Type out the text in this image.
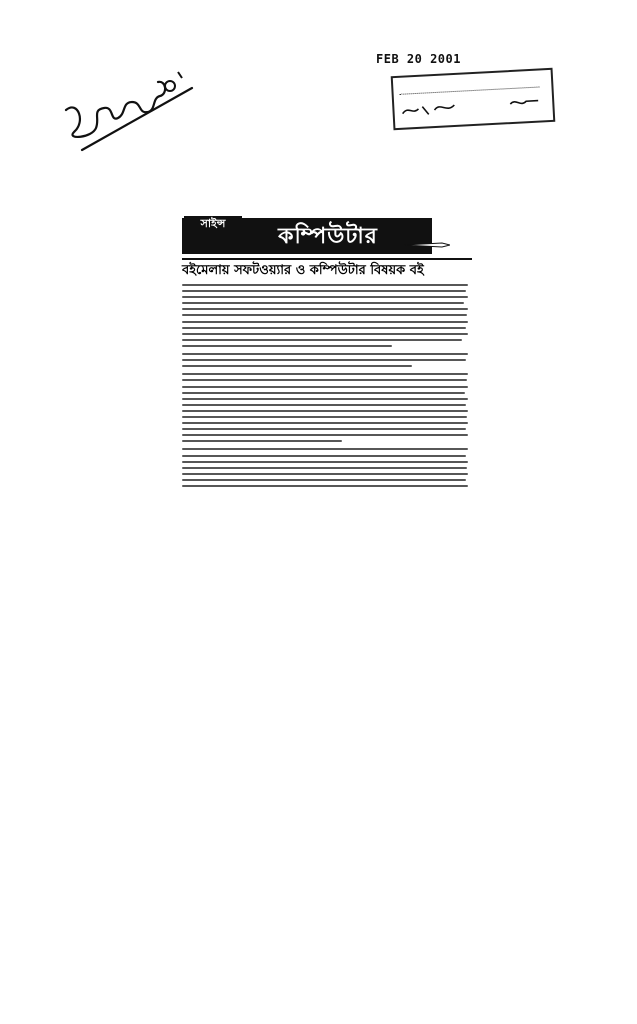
FEB 20 2001
সাইন্স	কম্পিউটার
বইমেলায় সফটওয়্যার ও কম্পিউটার বিষয়ক বই
